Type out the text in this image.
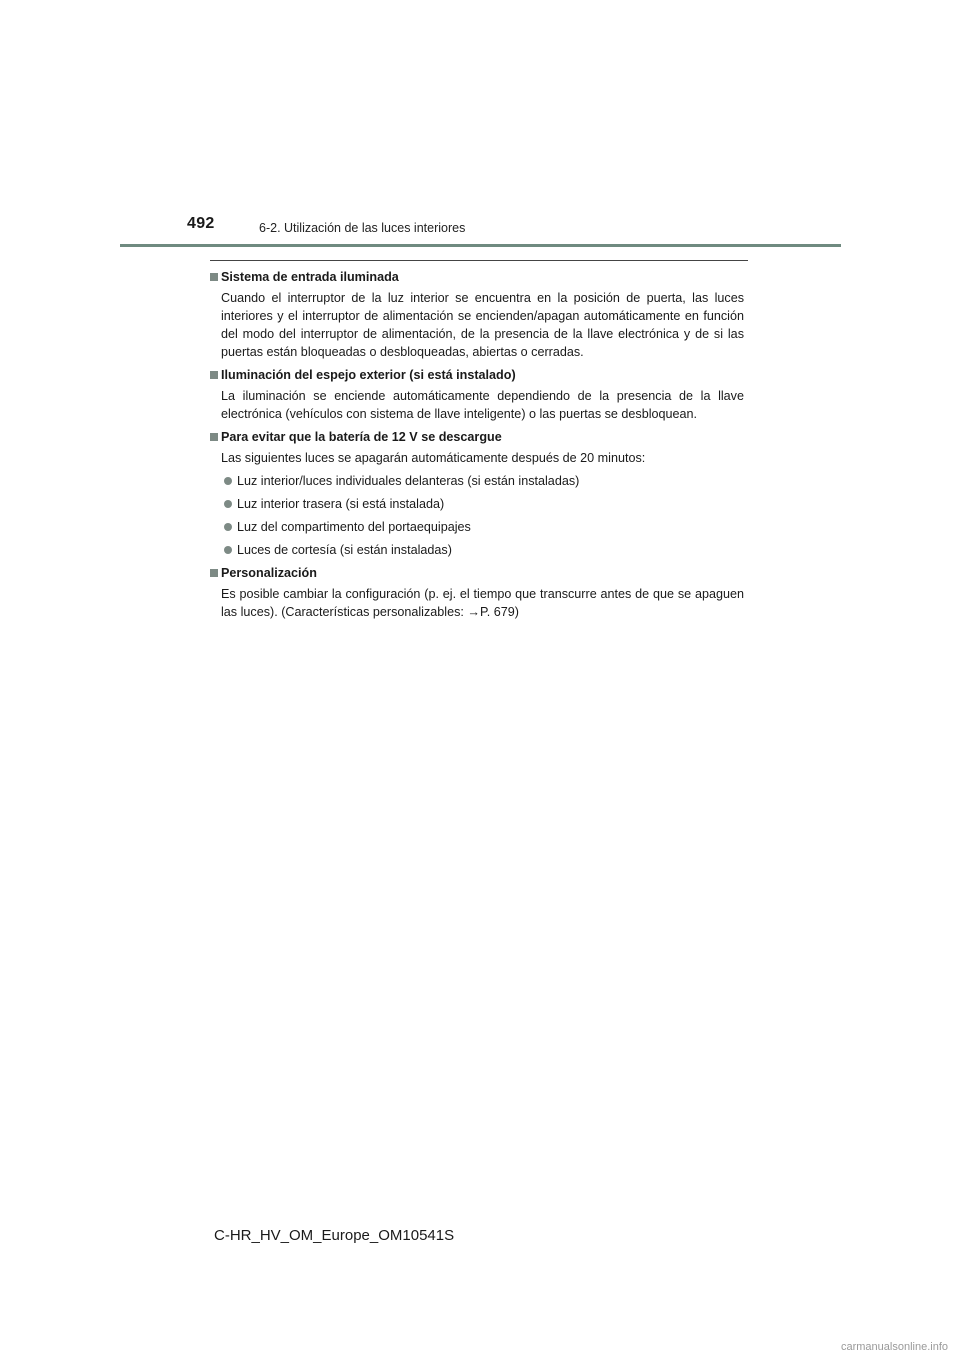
492	6-2. Utilización de las luces interiores
Sistema de entrada iluminada
Cuando el interruptor de la luz interior se encuentra en la posición de puerta, las luces interiores y el interruptor de alimentación se encienden/apagan automáticamente en función del modo del interruptor de alimentación, de la presencia de la llave electrónica y de si las puertas están bloqueadas o desbloqueadas, abiertas o cerradas.
Iluminación del espejo exterior (si está instalado)
La iluminación se enciende automáticamente dependiendo de la presencia de la llave electrónica (vehículos con sistema de llave inteligente) o las puertas se desbloquean.
Para evitar que la batería de 12 V se descargue
Las siguientes luces se apagarán automáticamente después de 20 minutos:
Luz interior/luces individuales delanteras (si están instaladas)
Luz interior trasera (si está instalada)
Luz del compartimento del portaequipajes
Luces de cortesía (si están instaladas)
Personalización
Es posible cambiar la configuración (p. ej. el tiempo que transcurre antes de que se apaguen las luces). (Características personalizables: →P. 679)
C-HR_HV_OM_Europe_OM10541S
carmanualsonline.info
